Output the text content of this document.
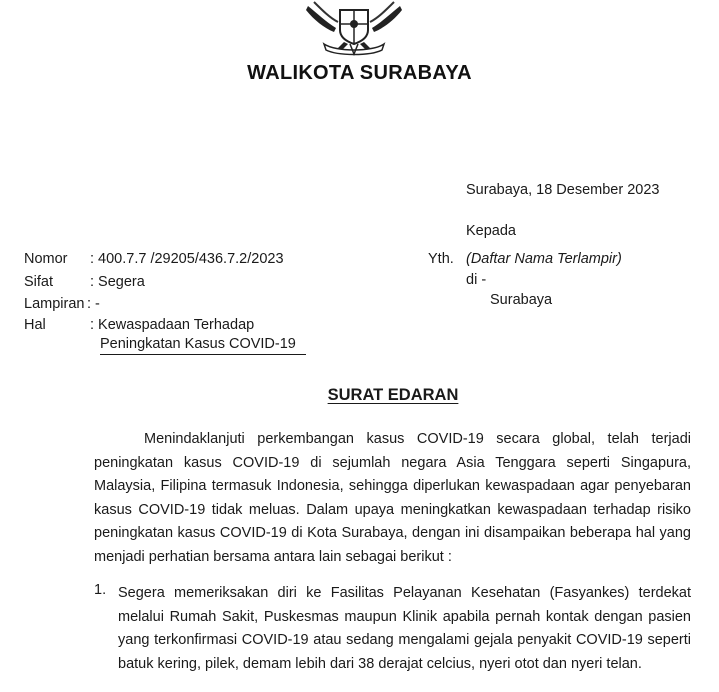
WALIKOTA SURABAYA
Surabaya, 18 Desember 2023
Kepada
Yth. (Daftar Nama Terlampir)
di -
Surabaya
Nomor : 400.7.7 /29205/436.7.2/2023
Sifat	: Segera
Lampiran : -
Hal	: Kewaspadaan Terhadap
Peningkatan Kasus COVID-19
SURAT EDARAN

Menindaklanjuti perkembangan kasus COVID-19 secara global, telah terjadi peningkatan kasus COVID-19 di sejumlah negara Asia Tenggara seperti Singapura, Malaysia, Filipina termasuk Indonesia, sehingga diperlukan kewaspadaan agar penyebaran kasus COVID-19 tidak meluas. Dalam upaya meningkatkan kewaspadaan terhadap risiko peningkatan kasus COVID-19 di Kota Surabaya, dengan ini disampaikan beberapa hal yang menjadi perhatian bersama antara lain sebagai berikut :

1. Segera memeriksakan diri ke Fasilitas Pelayanan Kesehatan (Fasyankes) terdekat melalui Rumah Sakit, Puskesmas maupun Klinik apabila pernah kontak dengan pasien yang terkonfirmasi COVID-19 atau sedang mengalami gejala penyakit COVID-19 seperti batuk kering, pilek, demam lebih dari 38 derajat celcius, nyeri otot dan nyeri telan.
